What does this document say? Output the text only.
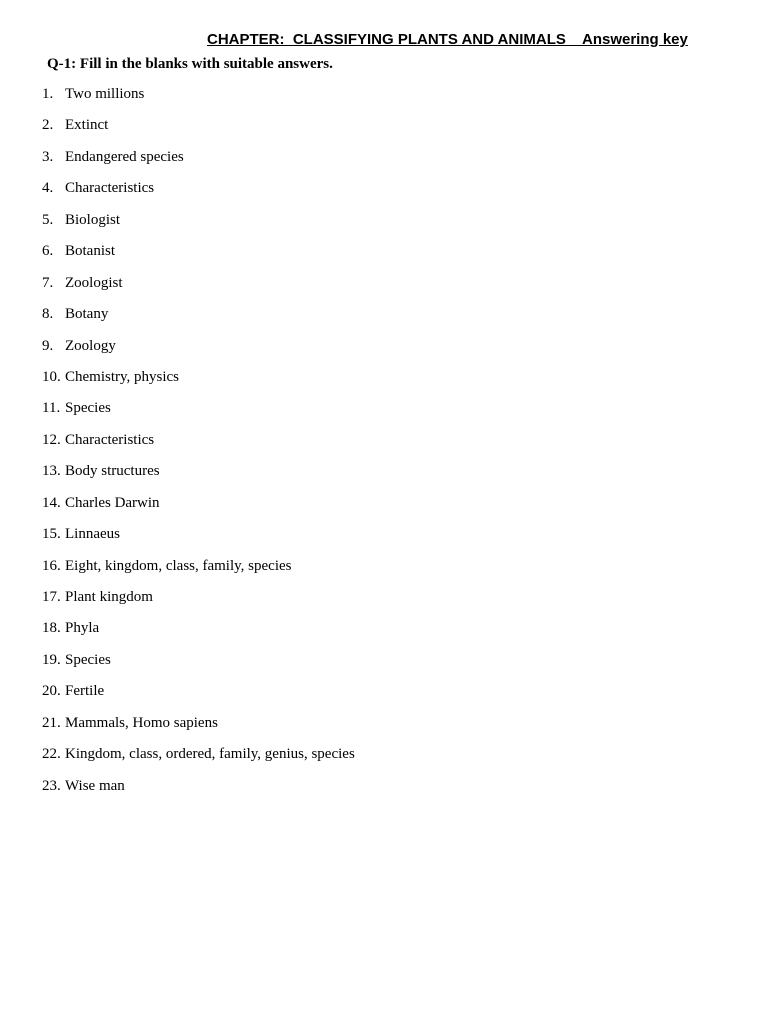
CHAPTER:  CLASSIFYING PLANTS AND ANIMALS    Answering key
Q-1: Fill in the blanks with suitable answers.
1. Two millions
2. Extinct
3. Endangered species
4. Characteristics
5. Biologist
6. Botanist
7. Zoologist
8. Botany
9. Zoology
10. Chemistry, physics
11. Species
12. Characteristics
13. Body structures
14. Charles Darwin
15. Linnaeus
16. Eight, kingdom, class, family, species
17. Plant kingdom
18. Phyla
19. Species
20. Fertile
21. Mammals, Homo sapiens
22. Kingdom, class, ordered, family, genius, species
23. Wise man
